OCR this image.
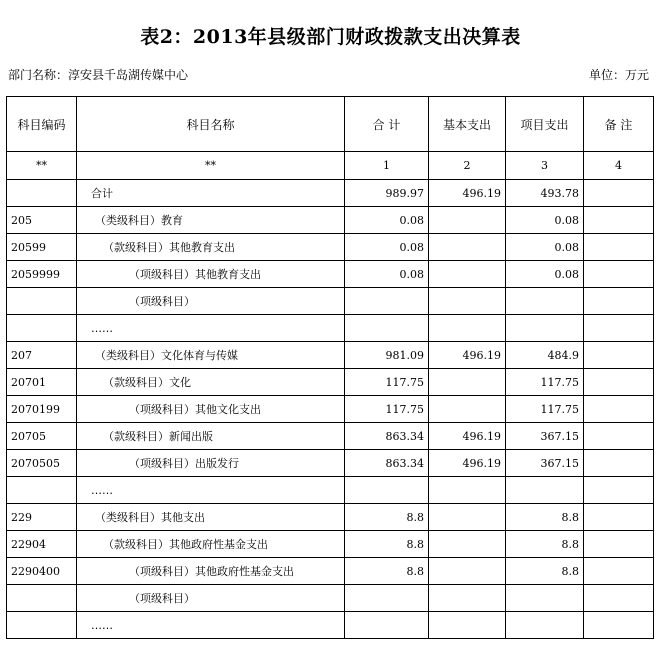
表2：2013年县级部门财政拨款支出决算表
部门名称：淳安县千岛湖传媒中心	单位：万元
科目编码	科目名称	合 计	基本支出	项目支出	备 注
**	**	1	2	3	4
	合计	989.97	496.19	493.78	
205	（类级科目）教育	0.08		0.08	
20599	（款级科目）其他教育支出	0.08		0.08	
2059999	（项级科目）其他教育支出	0.08		0.08	
	（项级科目）				
	……				
207	（类级科目）文化体育与传媒	981.09	496.19	484.9	
20701	（款级科目）文化	117.75		117.75	
2070199	（项级科目）其他文化支出	117.75		117.75	
20705	（款级科目）新闻出版	863.34	496.19	367.15	
2070505	（项级科目）出版发行	863.34	496.19	367.15	
	……				
229	（类级科目）其他支出	8.8		8.8	
22904	（款级科目）其他政府性基金支出	8.8		8.8	
2290400	（项级科目）其他政府性基金支出	8.8		8.8	
	（项级科目）				
	……				
